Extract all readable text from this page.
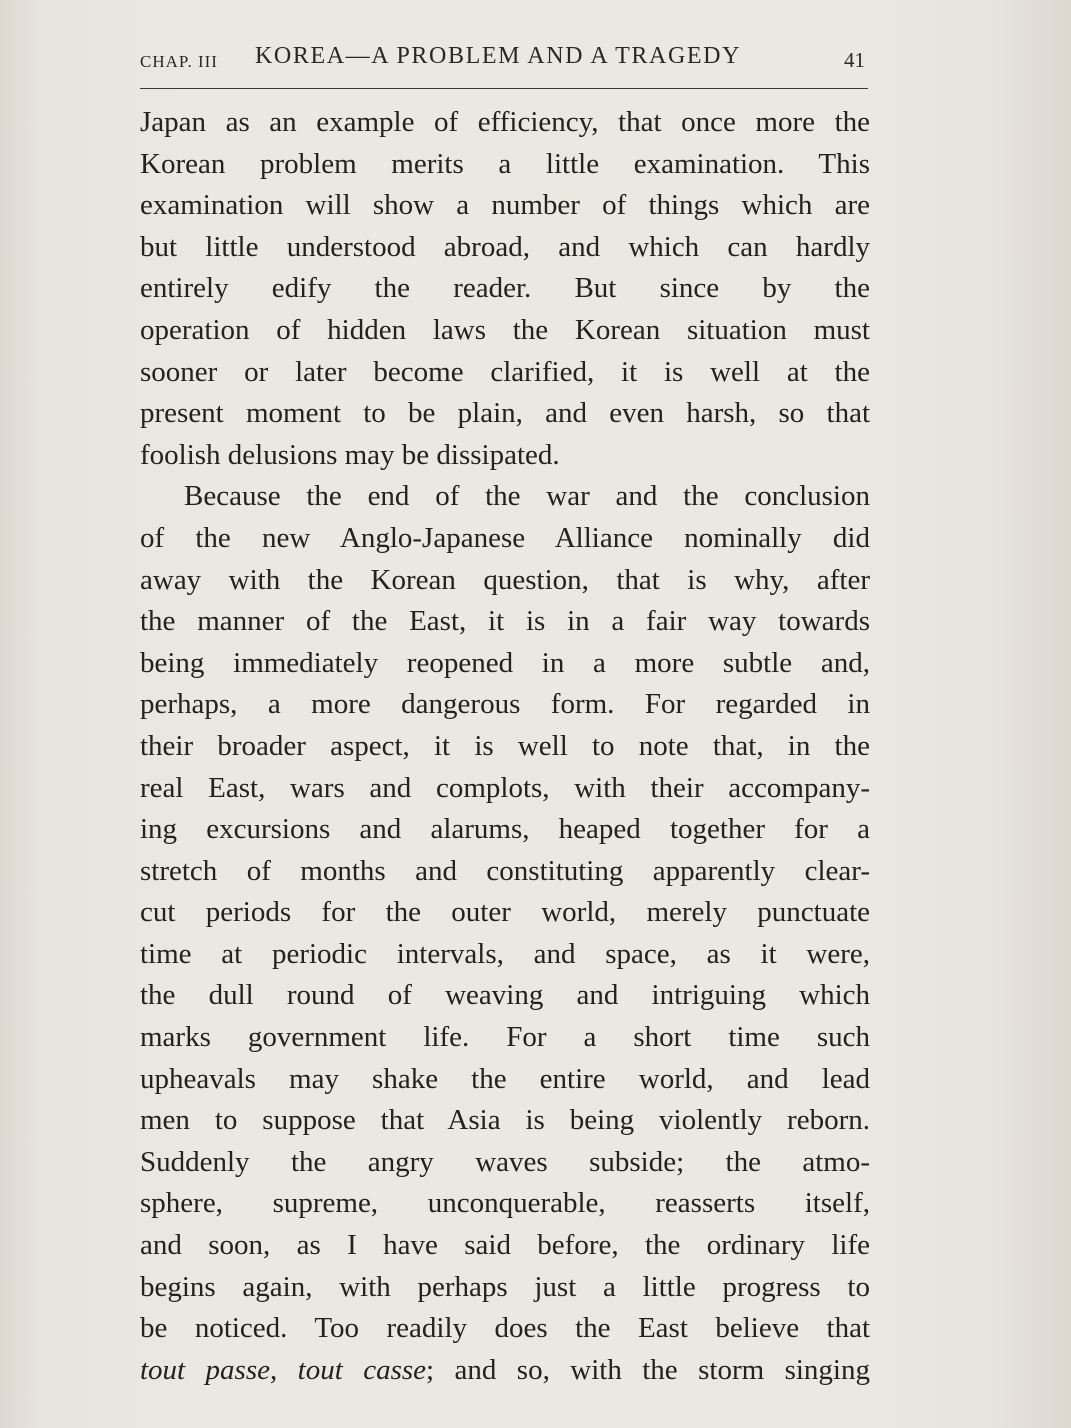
CHAP. III KOREA—A PROBLEM AND A TRAGEDY	41
Japan as an example of efficiency, that once more the
Korean problem merits a little examination. This
examination will show a number of things which are
but little understood abroad, and which can hardly
entirely edify the reader. But since by the
operation of hidden laws the Korean situation must
sooner or later become clarified, it is well at the
present moment to be plain, and even harsh, so that
foolish delusions may be dissipated.
Because the end of the war and the conclusion
of the new Anglo-Japanese Alliance nominally did
away with the Korean question, that is why, after
the manner of the East, it is in a fair way towards
being immediately reopened in a more subtle and,
perhaps, a more dangerous form. For regarded in
their broader aspect, it is well to note that, in the
real East, wars and complots, with their accompany-
ing excursions and alarums, heaped together for a
stretch of months and constituting apparently clear-
cut periods for the outer world, merely punctuate
time at periodic intervals, and space, as it were,
the dull round of weaving and intriguing which
marks government life. For a short time such
upheavals may shake the entire world, and lead
men to suppose that Asia is being violently reborn.
Suddenly the angry waves subside; the atmo-
sphere, supreme, unconquerable, reasserts itself,
and soon, as I have said before, the ordinary life
begins again, with perhaps just a little progress to
be noticed. Too readily does the East believe that
tout passe, tout casse; and so, with the storm singing
